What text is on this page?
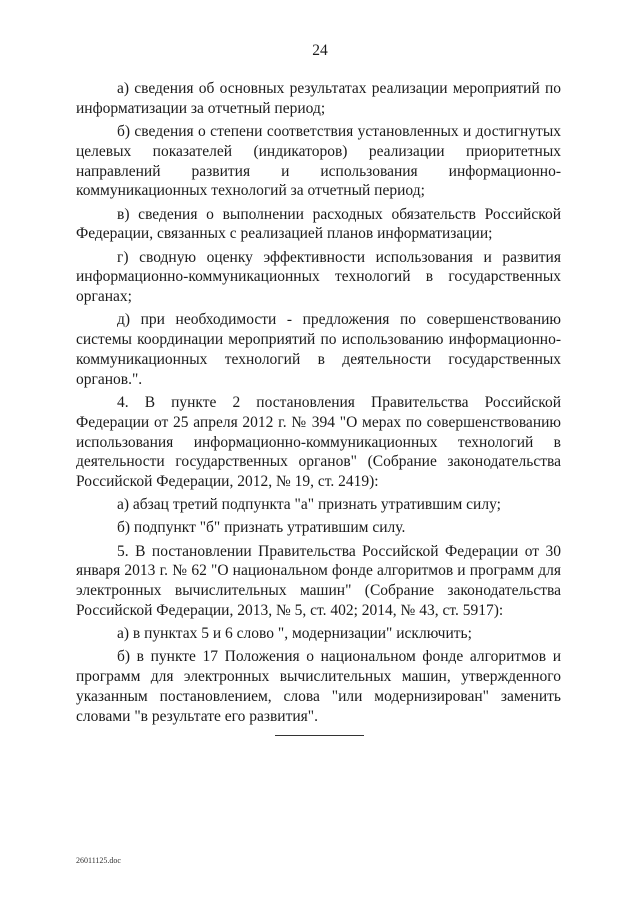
24

а) сведения об основных результатах реализации мероприятий по информатизации за отчетный период;

б) сведения о степени соответствия установленных и достигнутых целевых показателей (индикаторов) реализации приоритетных направлений развития и использования информационно-коммуникационных технологий за отчетный период;

в) сведения о выполнении расходных обязательств Российской Федерации, связанных с реализацией планов информатизации;

г) сводную оценку эффективности использования и развития информационно-коммуникационных технологий в государственных органах;

д) при необходимости - предложения по совершенствованию системы координации мероприятий по использованию информационно-коммуникационных технологий в деятельности государственных органов.".

4. В пункте 2 постановления Правительства Российской Федерации от 25 апреля 2012 г. № 394 "О мерах по совершенствованию использования информационно-коммуникационных технологий в деятельности государственных органов" (Собрание законодательства Российской Федерации, 2012, № 19, ст. 2419):

а) абзац третий подпункта "а" признать утратившим силу;

б) подпункт "б" признать утратившим силу.

5. В постановлении Правительства Российской Федерации от 30 января 2013 г. № 62 "О национальном фонде алгоритмов и программ для электронных вычислительных машин" (Собрание законодательства Российской Федерации, 2013, № 5, ст. 402; 2014, № 43, ст. 5917):

а) в пунктах 5 и 6 слово ", модернизации" исключить;

б) в пункте 17 Положения о национальном фонде алгоритмов и программ для электронных вычислительных машин, утвержденного указанным постановлением, слова "или модернизирован" заменить словами "в результате его развития".

26011125.doc
